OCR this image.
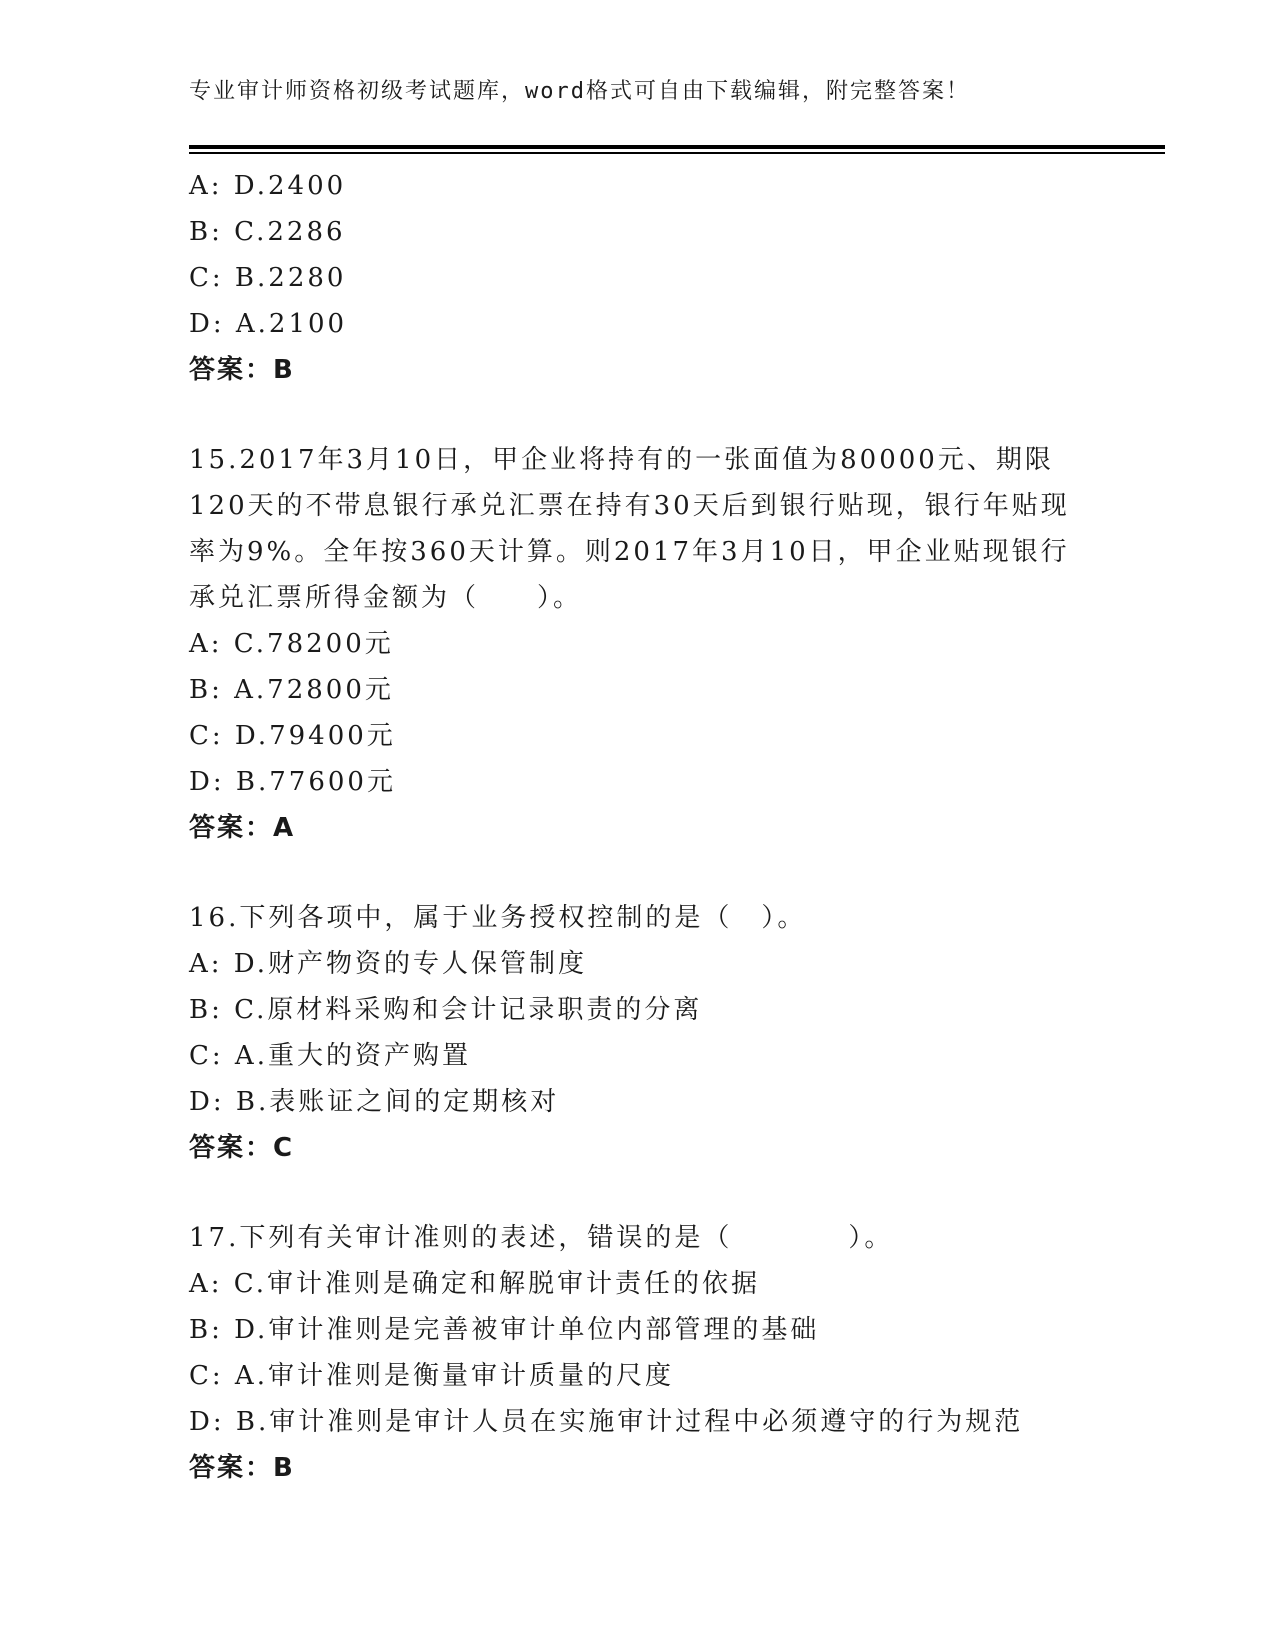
专业审计师资格初级考试题库，word格式可自由下载编辑，附完整答案！
A: D.2400
B: C.2286
C: B.2280
D: A.2100
答案：B
15.2017年3月10日，甲企业将持有的一张面值为80000元、期限
120天的不带息银行承兑汇票在持有30天后到银行贴现，银行年贴现
率为9%。全年按360天计算。则2017年3月10日，甲企业贴现银行
承兑汇票所得金额为（　　）。
A: C.78200元
B: A.72800元
C: D.79400元
D: B.77600元
答案：A
16.下列各项中，属于业务授权控制的是（　）。
A: D.财产物资的专人保管制度
B: C.原材料采购和会计记录职责的分离
C: A.重大的资产购置
D: B.表账证之间的定期核对
答案：C
17.下列有关审计准则的表述，错误的是（　　　　）。
A: C.审计准则是确定和解脱审计责任的依据
B: D.审计准则是完善被审计单位内部管理的基础
C: A.审计准则是衡量审计质量的尺度
D: B.审计准则是审计人员在实施审计过程中必须遵守的行为规范
答案：B
